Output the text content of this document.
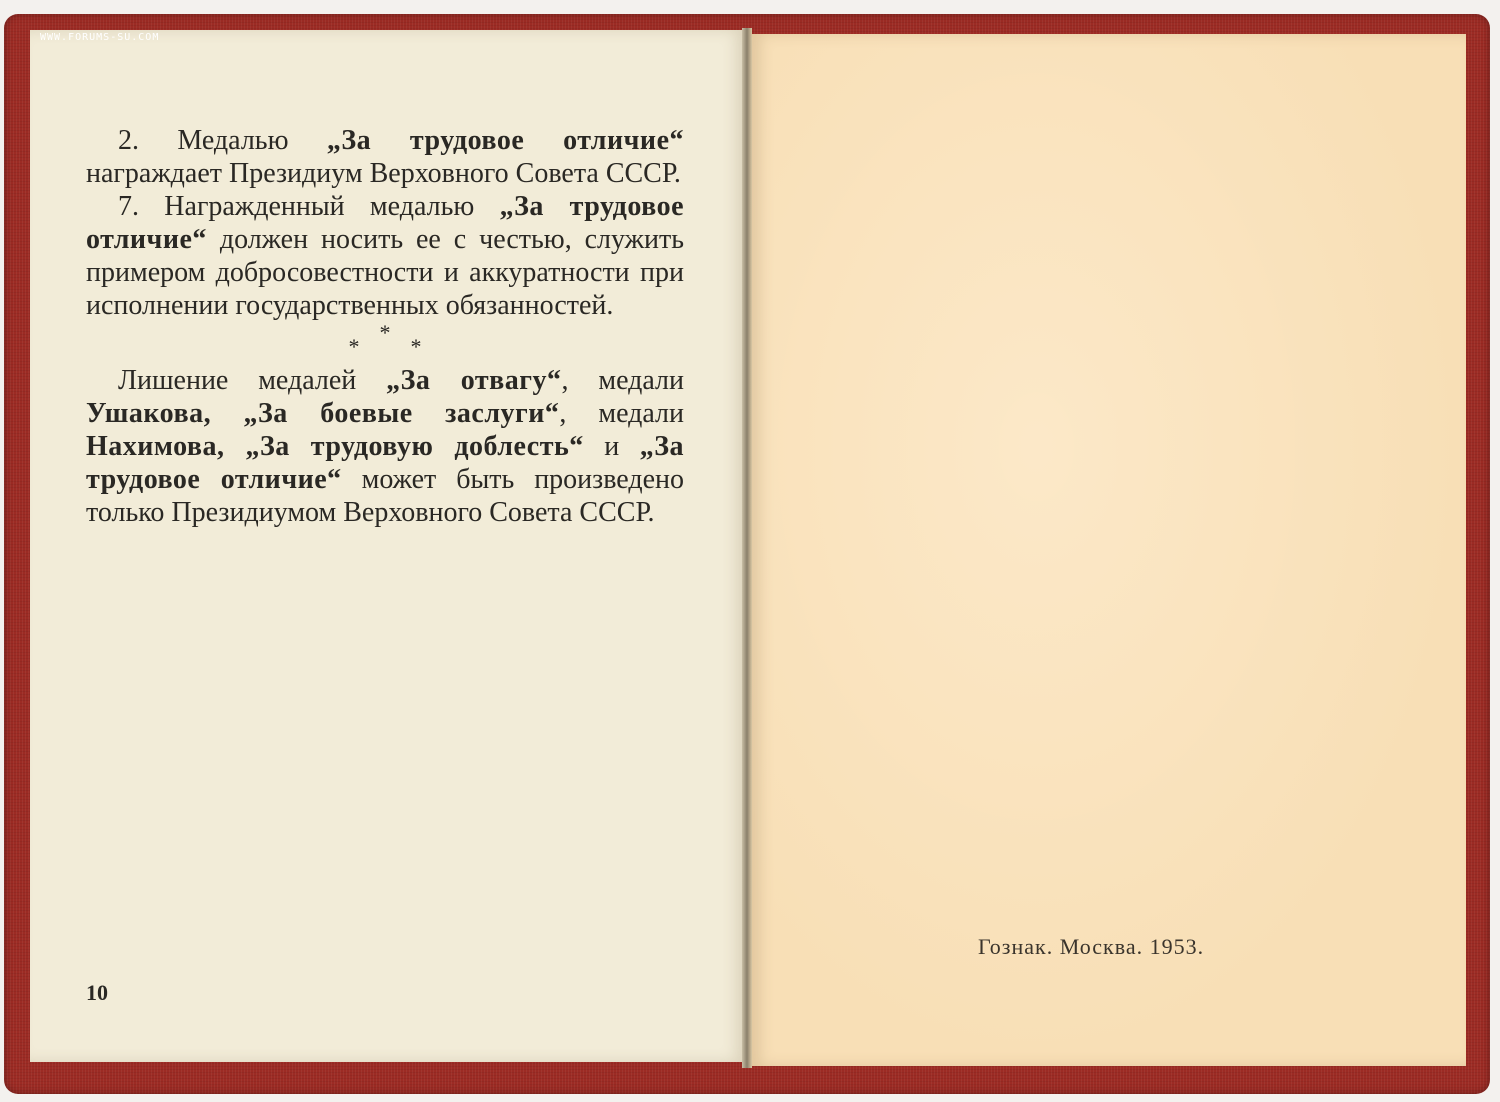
WWW.FORUMS-SU.COM

2. Медалью „За трудовое отличие“ награждает Президиум Верховного Совета СССР.

7. Награжденный медалью „За трудовое отличие“ должен носить ее с честью, служить примером добросовестности и аккуратности при исполнении государственных обязанностей.

***

Лишение медалей „За отвагу“, медали Ушакова, „За боевые заслуги“, медали Нахимова, „За трудовую доблесть“ и „За трудовое отличие“ может быть произведено только Президиумом Верховного Совета СССР.

10
Гознак. Москва. 1953.
